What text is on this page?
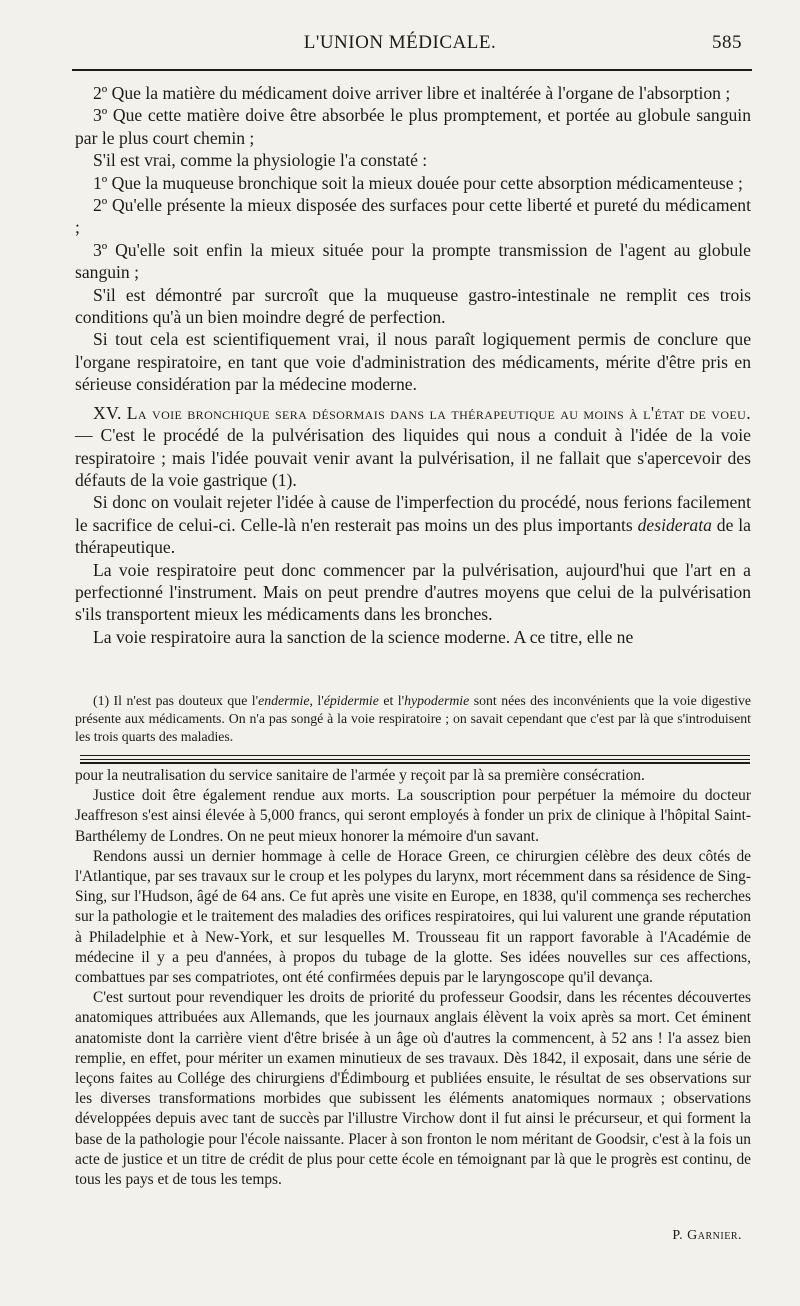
L'UNION MÉDICALE.	585

2º Que la matière du médicament doive arriver libre et inaltérée à l'organe de l'absorption ;

3º Que cette matière doive être absorbée le plus promptement, et portée au globule sanguin par le plus court chemin ;

S'il est vrai, comme la physiologie l'a constaté :

1º Que la muqueuse bronchique soit la mieux douée pour cette absorption médicamenteuse ;

2º Qu'elle présente la mieux disposée des surfaces pour cette liberté et pureté du médicament ;

3º Qu'elle soit enfin la mieux située pour la prompte transmission de l'agent au globule sanguin ;

S'il est démontré par surcroît que la muqueuse gastro-intestinale ne remplit ces trois conditions qu'à un bien moindre degré de perfection.

Si tout cela est scientifiquement vrai, il nous paraît logiquement permis de conclure que l'organe respiratoire, en tant que voie d'administration des médicaments, mérite d'être pris en sérieuse considération par la médecine moderne.

XV. La voie bronchique sera désormais dans la thérapeutique au moins à l'état de voeu. — C'est le procédé de la pulvérisation des liquides qui nous a conduit à l'idée de la voie respiratoire ; mais l'idée pouvait venir avant la pulvérisation, il ne fallait que s'apercevoir des défauts de la voie gastrique (1).

Si donc on voulait rejeter l'idée à cause de l'imperfection du procédé, nous ferions facilement le sacrifice de celui-ci. Celle-là n'en resterait pas moins un des plus importants desiderata de la thérapeutique.

La voie respiratoire peut donc commencer par la pulvérisation, aujourd'hui que l'art en a perfectionné l'instrument. Mais on peut prendre d'autres moyens que celui de la pulvérisation s'ils transportent mieux les médicaments dans les bronches.

La voie respiratoire aura la sanction de la science moderne. A ce titre, elle ne

(1) Il n'est pas douteux que l'endermie, l'épidermie et l'hypodermie sont nées des inconvénients que la voie digestive présente aux médicaments. On n'a pas songé à la voie respiratoire ; on savait cependant que c'est par là que s'introduisent les trois quarts des maladies.

pour la neutralisation du service sanitaire de l'armée y reçoit par là sa première consécration.

Justice doit être également rendue aux morts. La souscription pour perpétuer la mémoire du docteur Jeaffreson s'est ainsi élevée à 5,000 francs, qui seront employés à fonder un prix de clinique à l'hôpital Saint-Barthélemy de Londres. On ne peut mieux honorer la mémoire d'un savant.

Rendons aussi un dernier hommage à celle de Horace Green, ce chirurgien célèbre des deux côtés de l'Atlantique, par ses travaux sur le croup et les polypes du larynx, mort récemment dans sa résidence de Sing-Sing, sur l'Hudson, âgé de 64 ans. Ce fut après une visite en Europe, en 1838, qu'il commença ses recherches sur la pathologie et le traitement des maladies des orifices respiratoires, qui lui valurent une grande réputation à Philadelphie et à New-York, et sur lesquelles M. Trousseau fit un rapport favorable à l'Académie de médecine il y a peu d'années, à propos du tubage de la glotte. Ses idées nouvelles sur ces affections, combattues par ses compatriotes, ont été confirmées depuis par le laryngoscope qu'il devança.

C'est surtout pour revendiquer les droits de priorité du professeur Goodsir, dans les récentes découvertes anatomiques attribuées aux Allemands, que les journaux anglais élèvent la voix après sa mort. Cet éminent anatomiste dont la carrière vient d'être brisée à un âge où d'autres la commencent, à 52 ans ! l'a assez bien remplie, en effet, pour mériter un examen minutieux de ses travaux. Dès 1842, il exposait, dans une série de leçons faites au Collége des chirurgiens d'Édimbourg et publiées ensuite, le résultat de ses observations sur les diverses transformations morbides que subissent les éléments anatomiques normaux ; observations développées depuis avec tant de succès par l'illustre Virchow dont il fut ainsi le précurseur, et qui forment la base de la pathologie pour l'école naissante. Placer à son fronton le nom méritant de Goodsir, c'est à la fois un acte de justice et un titre de crédit de plus pour cette école en témoignant par là que le progrès est continu, de tous les pays et de tous les temps.

P. Garnier.
